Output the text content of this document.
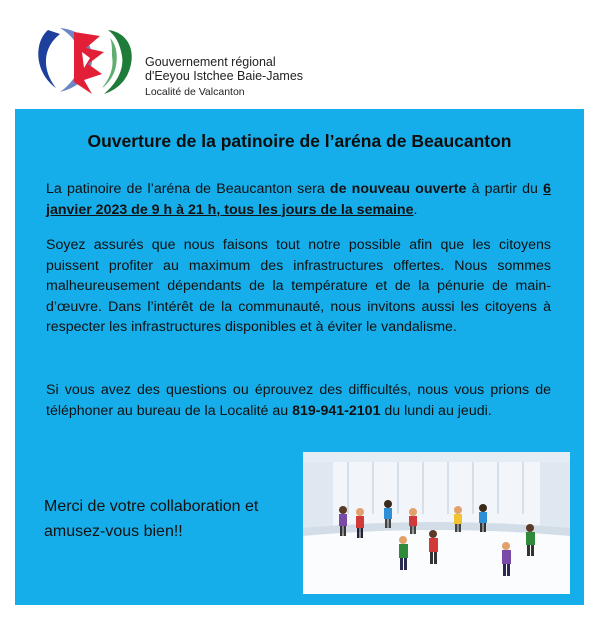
Gouvernement régional
d'Eeyou Istchee Baie-James
Localité de Valcanton
Ouverture de la patinoire de l’aréna de Beaucanton
La patinoire de l’aréna de Beaucanton sera de nouveau ouverte à partir du 6 janvier 2023 de 9 h à 21 h, tous les jours de la semaine.
Soyez assurés que nous faisons tout notre possible afin que les citoyens puissent profiter au maximum des infrastructures offertes. Nous sommes malheureusement dépendants de la température et de la pénurie de main-d’œuvre. Dans l’intérêt de la communauté, nous invitons aussi les citoyens à respecter les infrastructures disponibles et à éviter le vandalisme.
Si vous avez des questions ou éprouvez des difficultés, nous vous prions de téléphoner au bureau de la Localité au 819-941-2101 du lundi au jeudi.
Merci de votre collaboration et
amusez-vous bien!!
